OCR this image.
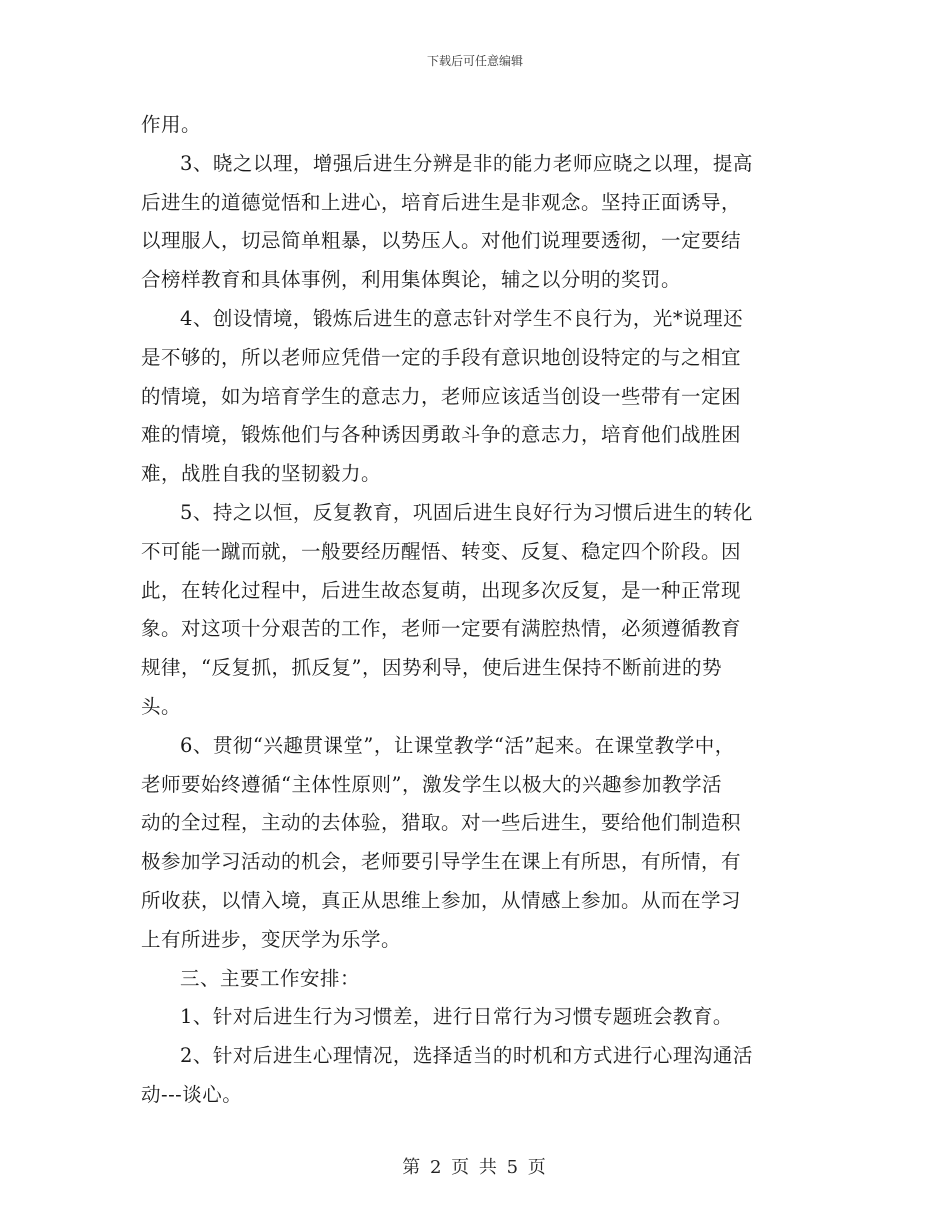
下载后可任意编辑
作用。
3、晓之以理，增强后进生分辨是非的能力老师应晓之以理，提高
后进生的道德觉悟和上进心，培育后进生是非观念。坚持正面诱导，
以理服人，切忌简单粗暴，以势压人。对他们说理要透彻，一定要结
合榜样教育和具体事例，利用集体舆论，辅之以分明的奖罚。
4、创设情境，锻炼后进生的意志针对学生不良行为，光*说理还
是不够的，所以老师应凭借一定的手段有意识地创设特定的与之相宜
的情境，如为培育学生的意志力，老师应该适当创设一些带有一定困
难的情境，锻炼他们与各种诱因勇敢斗争的意志力，培育他们战胜困
难，战胜自我的坚韧毅力。
5、持之以恒，反复教育，巩固后进生良好行为习惯后进生的转化
不可能一蹴而就，一般要经历醒悟、转变、反复、稳定四个阶段。因
此，在转化过程中，后进生故态复萌，出现多次反复，是一种正常现
象。对这项十分艰苦的工作，老师一定要有满腔热情，必须遵循教育
规律，“反复抓，抓反复”，因势利导，使后进生保持不断前进的势
头。
6、贯彻“兴趣贯课堂”，让课堂教学“活”起来。在课堂教学中，
老师要始终遵循“主体性原则”，激发学生以极大的兴趣参加教学活
动的全过程，主动的去体验，猎取。对一些后进生，要给他们制造积
极参加学习活动的机会，老师要引导学生在课上有所思，有所情，有
所收获，以情入境，真正从思维上参加，从情感上参加。从而在学习
上有所进步，变厌学为乐学。
三、主要工作安排：
1、针对后进生行为习惯差，进行日常行为习惯专题班会教育。
2、针对后进生心理情况，选择适当的时机和方式进行心理沟通活
动---谈心。
第 2 页 共 5 页
